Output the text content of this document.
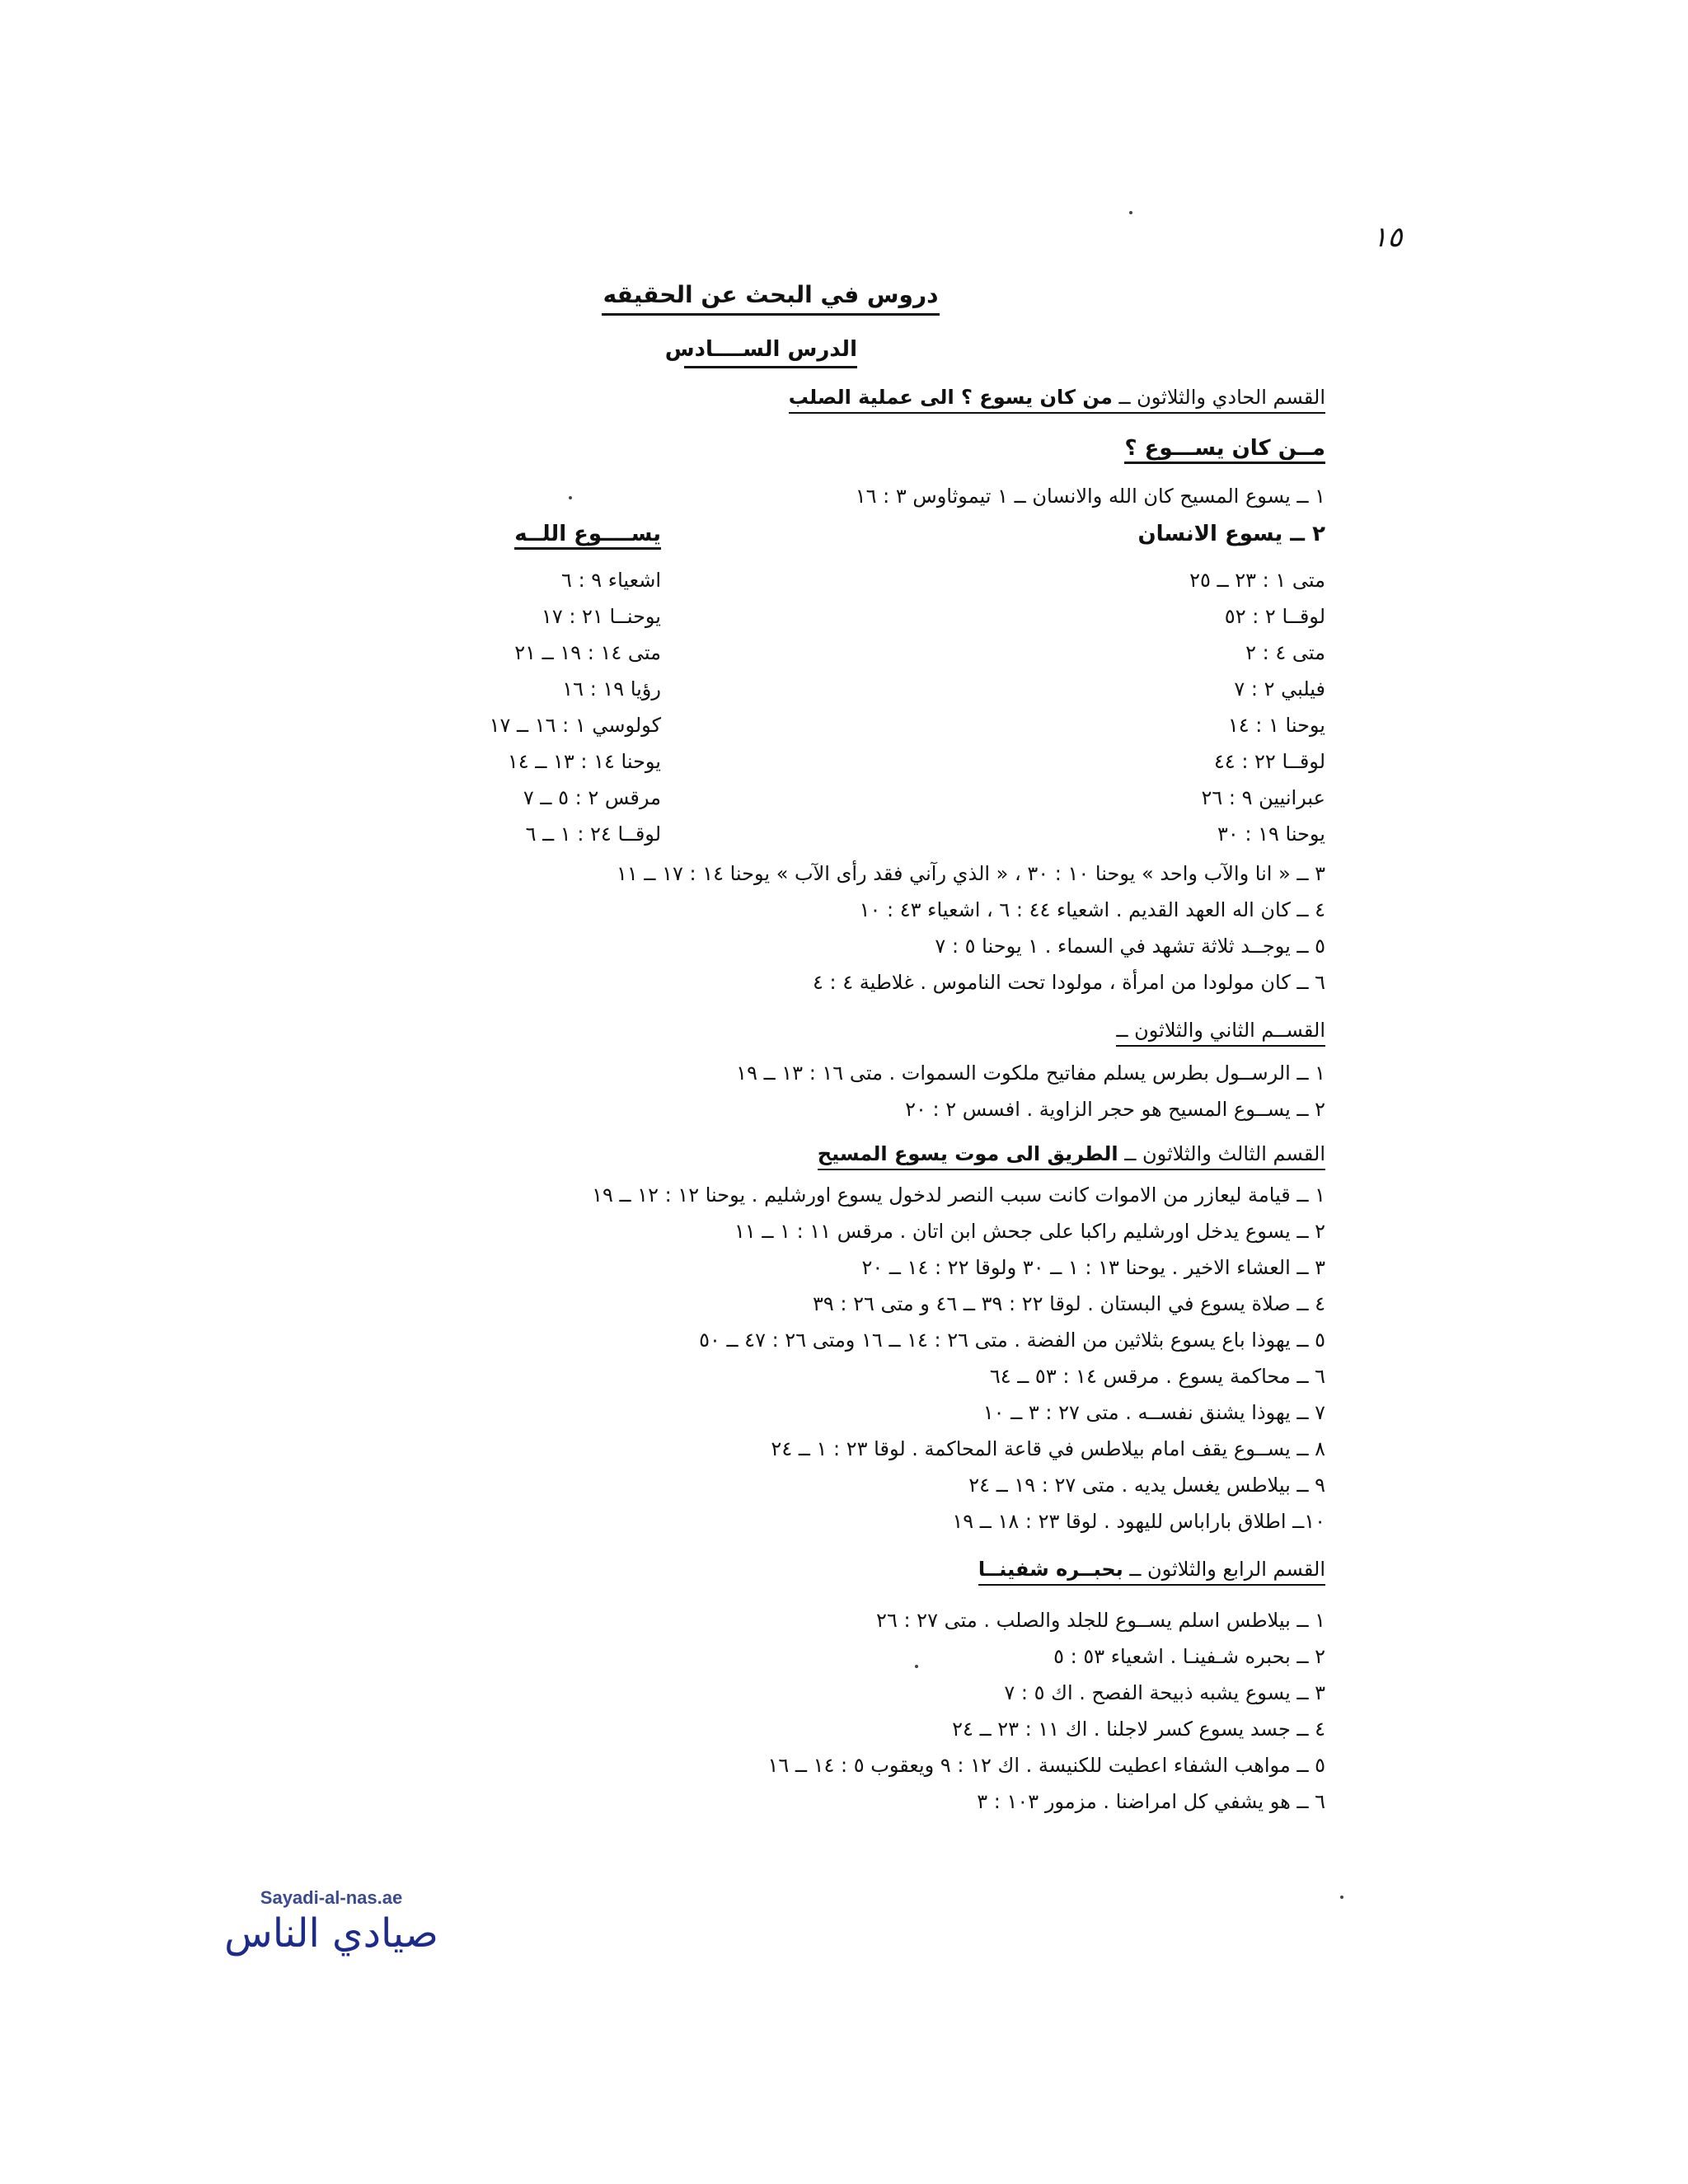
١٥
دروس في البحث عن الحقيقه
الدرس الســــادس
القسم الحادي والثلاثون ــ من كان يسوع ؟ الى عملية الصلب
مــن كان يســـوع ؟
١ ــ يسوع المسيح كان الله والانسان ــ ١ تيموثاوس ٣ : ١٦
٢ ــ يسوع الانسان
يســــوع اللــه
متى ١ : ٢٣ ــ ٢٥
لوقــا ٢ : ٥٢
متى ٤ : ٢
فيلبي ٢ : ٧
يوحنا ١ : ١٤
لوقــا ٢٢ : ٤٤
عبرانيين ٩ : ٢٦
يوحنا ١٩ : ٣٠
اشعياء ٩ : ٦
يوحنــا ٢١ : ١٧
متى ١٤ : ١٩ ــ ٢١
رؤيا ١٩ : ١٦
كولوسي ١ : ١٦ ــ ١٧
يوحنا ١٤ : ١٣ ــ ١٤
مرقس ٢ : ٥ ــ ٧
لوقــا ٢٤ : ١ ــ ٦
٣ ــ « انا والآب واحد » يوحنا ١٠ : ٣٠ ، « الذي رآني فقد رأى الآب » يوحنا ١٤ : ١٧ ــ ١١
٤ ــ كان اله العهد القديم . اشعياء ٤٤ : ٦ ، اشعياء ٤٣ : ١٠
٥ ــ يوجــد ثلاثة تشهد في السماء . ١ يوحنا ٥ : ٧
٦ ــ كان مولودا من امرأة ، مولودا تحت الناموس . غلاطية ٤ : ٤
القســم الثاني والثلاثون ــ
١ ــ الرســول بطرس يسلم مفاتيح ملكوت السموات . متى ١٦ : ١٣ ــ ١٩
٢ ــ يســوع المسيح هو حجر الزاوية . افسس ٢ : ٢٠
القسم الثالث والثلاثون ــ الطريق الى موت يسوع المسيح
١ ــ قيامة ليعازر من الاموات كانت سبب النصر لدخول يسوع اورشليم . يوحنا ١٢ : ١٢ ــ ١٩
٢ ــ يسوع يدخل اورشليم راكبا على جحش ابن اتان . مرقس ١١ : ١ ــ ١١
٣ ــ العشاء الاخير . يوحنا ١٣ : ١ ــ ٣٠ ولوقا ٢٢ : ١٤ ــ ٢٠
٤ ــ صلاة يسوع في البستان . لوقا ٢٢ : ٣٩ ــ ٤٦ و متى ٢٦ : ٣٩
٥ ــ يهوذا باع يسوع بثلاثين من الفضة . متى ٢٦ : ١٤ ــ ١٦ ومتى ٢٦ : ٤٧ ــ ٥٠
٦ ــ محاكمة يسوع . مرقس ١٤ : ٥٣ ــ ٦٤
٧ ــ يهوذا يشنق نفســه . متى ٢٧ : ٣ ــ ١٠
٨ ــ يســوع يقف امام بيلاطس في قاعة المحاكمة . لوقا ٢٣ : ١ ــ ٢٤
٩ ــ بيلاطس يغسل يديه . متى ٢٧ : ١٩ ــ ٢٤
١٠ــ اطلاق باراباس لليهود . لوقا ٢٣ : ١٨ ــ ١٩
القسم الرابع والثلاثون ــ بحبــره شفينــا
١ ــ بيلاطس اسلم يســوع للجلد والصلب . متى ٢٧ : ٢٦
٢ ــ بحبره شـفينـا . اشعياء ٥٣ : ٥
٣ ــ يسوع يشبه ذبيحة الفصح . اك ٥ : ٧
٤ ــ جسد يسوع كسر لاجلنا . اك ١١ : ٢٣ ــ ٢٤
٥ ــ مواهب الشفاء اعطيت للكنيسة . اك ١٢ : ٩ ويعقوب ٥ : ١٤ ــ ١٦
٦ ــ هو يشفي كل امراضنا . مزمور ١٠٣ : ٣
Sayadi-al-nas.ae
صيادي الناس
